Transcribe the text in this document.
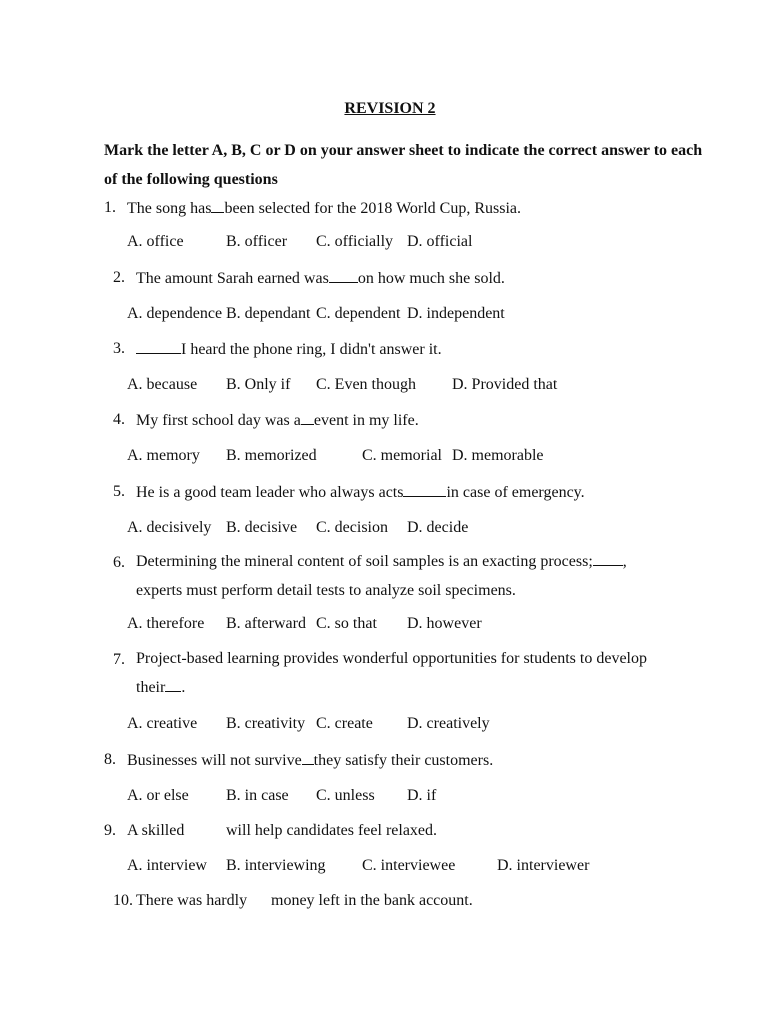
REVISION 2
Mark the letter A, B, C or D on your answer sheet to indicate the correct answer to each of the following questions
1. The song has been selected for the 2018 World Cup, Russia.
A. office	B. officer C. officially D. official
2. The amount Sarah earned was on how much she sold.
A. dependence B. dependant C. dependent D. independent
3.	I heard the phone ring, I didn't answer it.
A. because B. Only if C. Even though D. Provided that
4. My first school day was a event in my life.
A. memory B. memorized	C. memorial D. memorable
5. He is a good team leader who always acts	in case of emergency.
A. decisively B. decisive C. decision D. decide
6. Determining the mineral content of soil samples is an exacting process; , experts must perform detail tests to analyze soil specimens.
A. therefore B. afterward C. so that D. however
7. Project-based learning provides wonderful opportunities for students to develop their .
A. creative B. creativity C. create D. creatively
8. Businesses will not survive they satisfy their customers.
A. or else B. in case C. unless D. if
9. A skilled	will help candidates feel relaxed.
A. interview B. interviewing C. interviewee	D. interviewer
10. There was hardly money left in the bank account.
